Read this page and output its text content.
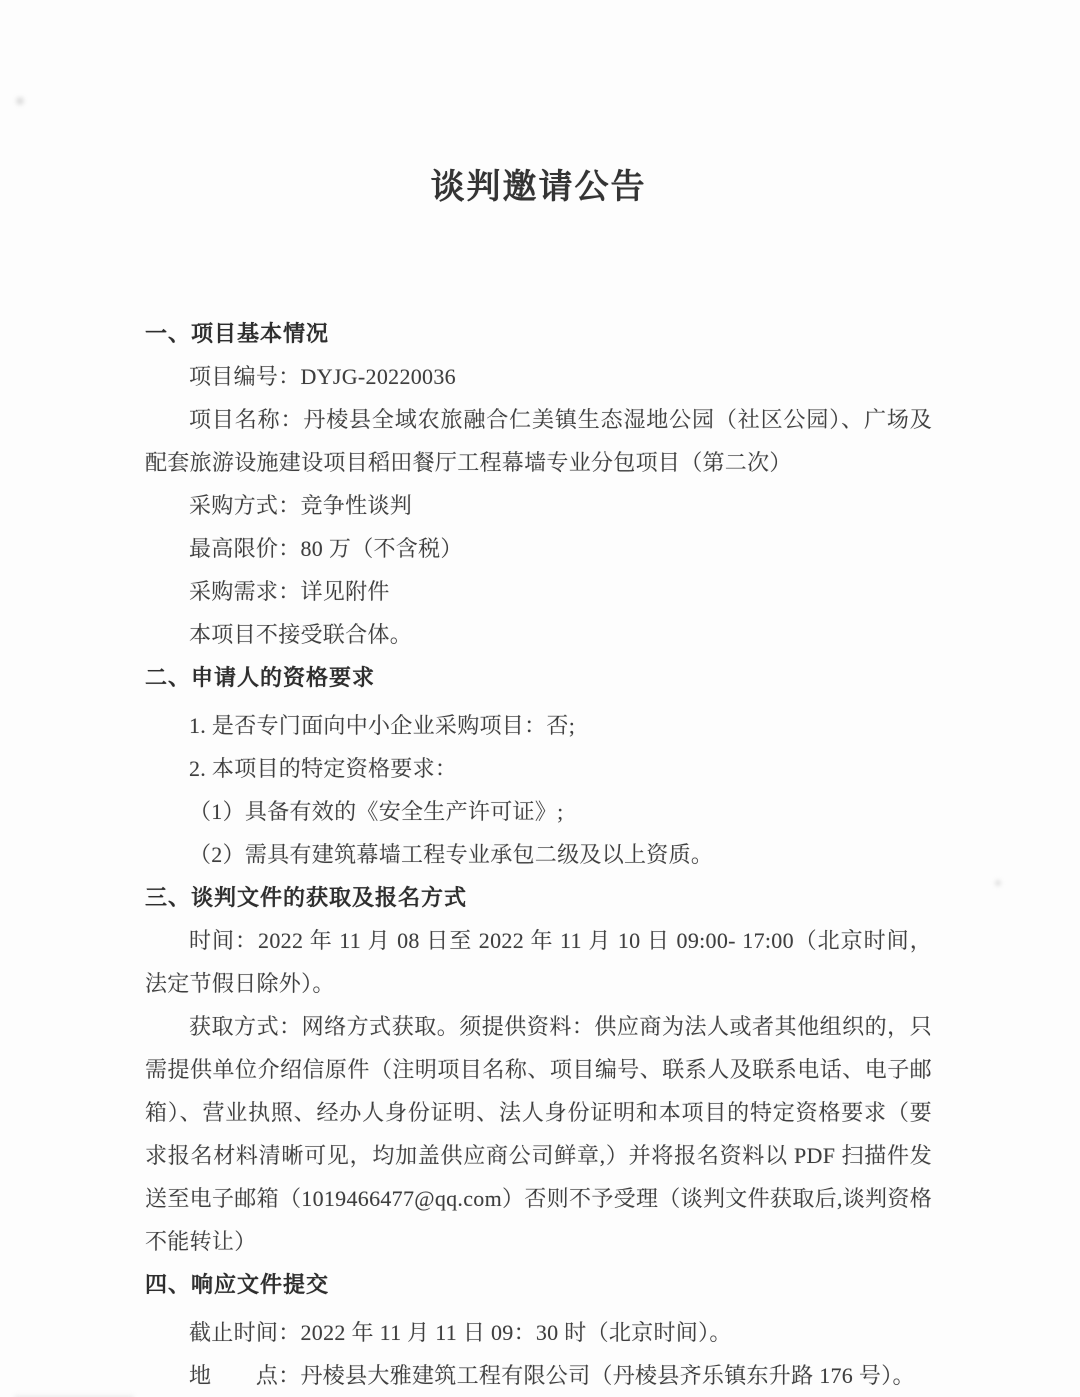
谈判邀请公告

一、项目基本情况

项目编号：DYJG-20220036

项目名称：丹棱县全域农旅融合仁美镇生态湿地公园（社区公园）、广场及配套旅游设施建设项目稻田餐厅工程幕墙专业分包项目（第二次）

采购方式：竞争性谈判

最高限价：80 万（不含税）

采购需求：详见附件

本项目不接受联合体。

二、申请人的资格要求

1. 是否专门面向中小企业采购项目：否;

2. 本项目的特定资格要求：

（1）具备有效的《安全生产许可证》;

（2）需具有建筑幕墙工程专业承包二级及以上资质。

三、谈判文件的获取及报名方式

时间：2022 年 11 月 08 日至 2022 年 11 月 10 日 09:00- 17:00（北京时间，法定节假日除外）。

获取方式：网络方式获取。须提供资料：供应商为法人或者其他组织的，只需提供单位介绍信原件（注明项目名称、项目编号、联系人及联系电话、电子邮箱）、营业执照、经办人身份证明、法人身份证明和本项目的特定资格要求（要求报名材料清晰可见，均加盖供应商公司鲜章,）并将报名资料以 PDF 扫描件发送至电子邮箱（1019466477@qq.com）否则不予受理（谈判文件获取后,谈判资格不能转让）

四、响应文件提交

截止时间：2022 年 11 月 11 日 09：30 时（北京时间）。

地　　点：丹棱县大雅建筑工程有限公司（丹棱县齐乐镇东升路 176 号）。
